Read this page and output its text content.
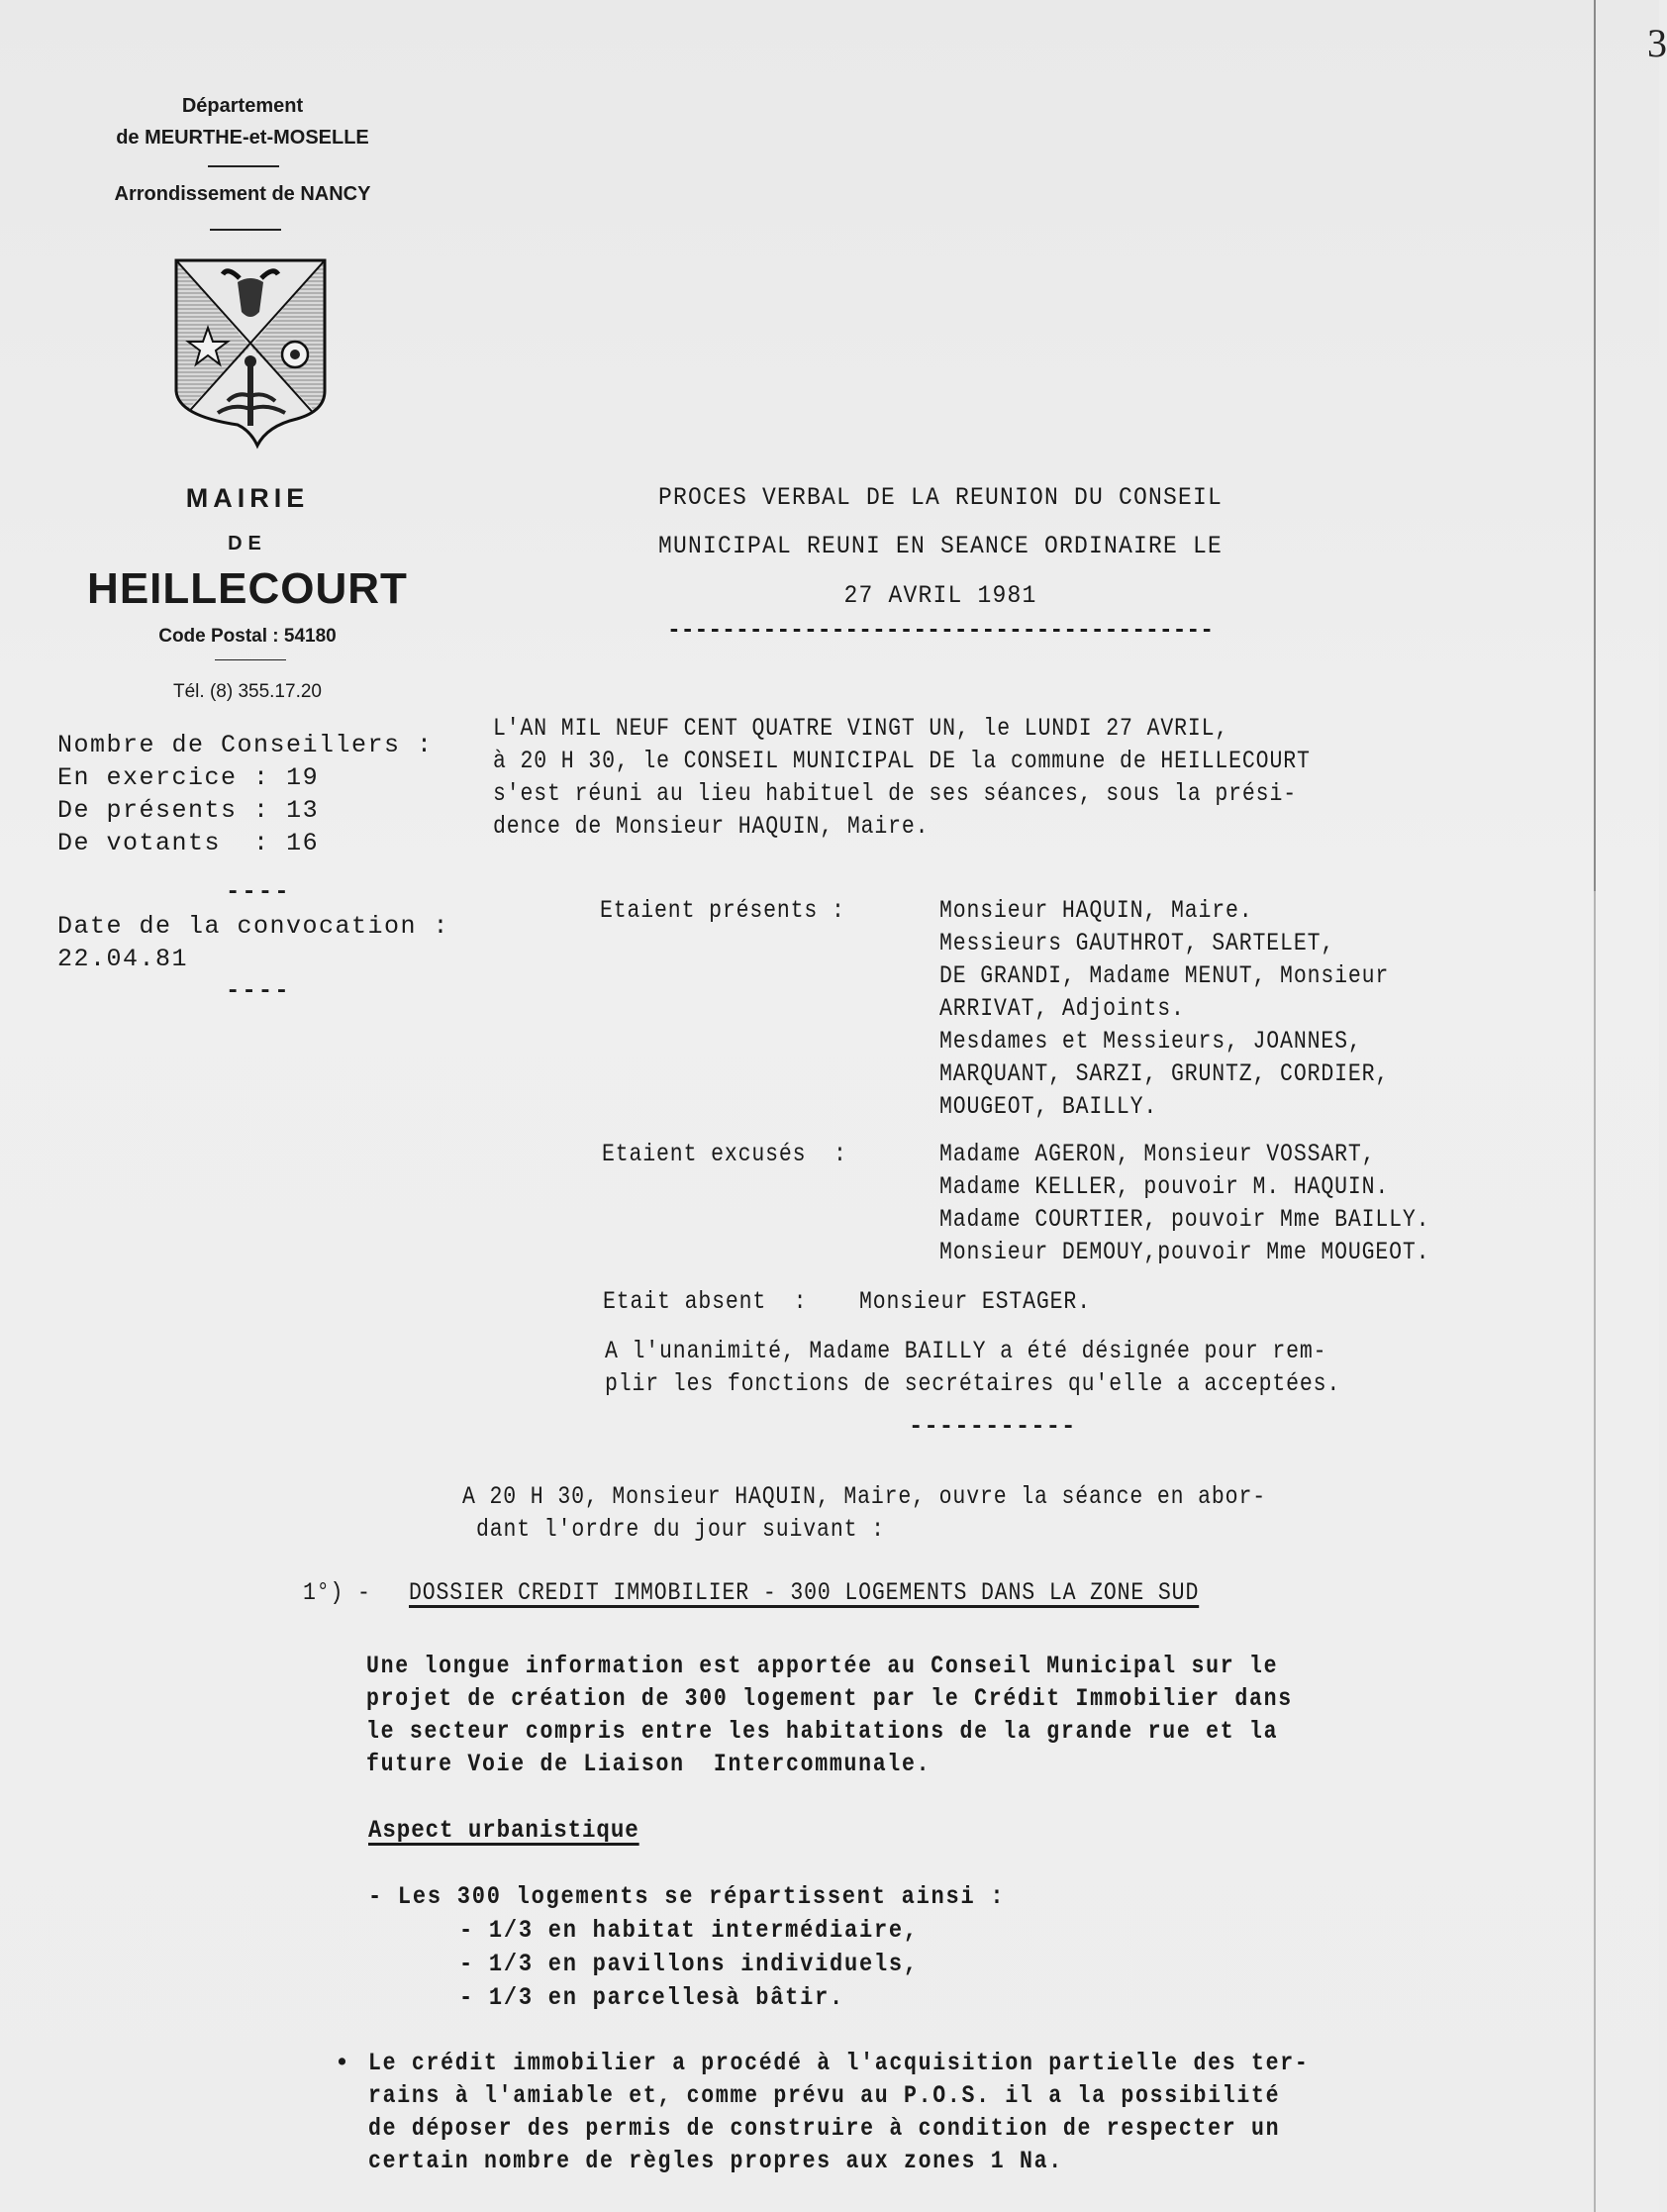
3
Département
de MEURTHE-et-MOSELLE
Arrondissement de NANCY
MAIRIE
DE
HEILLECOURT
Code Postal : 54180
Tél. (8) 355.17.20
Nombre de Conseillers :
En exercice : 19
De présents : 13
De votants  : 16
----
Date de la convocation :
22.04.81
----
PROCES VERBAL DE LA REUNION DU CONSEIL
MUNICIPAL REUNI EN SEANCE ORDINAIRE LE
27 AVRIL 1981
----------------------------------------
L'AN MIL NEUF CENT QUATRE VINGT UN, le LUNDI 27 AVRIL,
à 20 H 30, le CONSEIL MUNICIPAL DE la commune de HEILLECOURT
s'est réuni au lieu habituel de ses séances, sous la prési-
dence de Monsieur HAQUIN, Maire.
Etaient présents :	Monsieur HAQUIN, Maire.
Messieurs GAUTHROT, SARTELET,
DE GRANDI, Madame MENUT, Monsieur
ARRIVAT, Adjoints.
Mesdames et Messieurs, JOANNES,
MARQUANT, SARZI, GRUNTZ, CORDIER,
MOUGEOT, BAILLY.
Etaient excusés  :	Madame AGERON, Monsieur VOSSART,
Madame KELLER, pouvoir M. HAQUIN.
Madame COURTIER, pouvoir Mme BAILLY.
Monsieur DEMOUY,pouvoir Mme MOUGEOT.
Etait absent  : Monsieur ESTAGER.
A l'unanimité, Madame BAILLY a été désignée pour rem-
plir les fonctions de secrétaires qu'elle a acceptées.
-----------
A 20 H 30, Monsieur HAQUIN, Maire, ouvre la séance en abor-
dant l'ordre du jour suivant :
1°) - DOSSIER CREDIT IMMOBILIER - 300 LOGEMENTS DANS LA ZONE SUD
Une longue information est apportée au Conseil Municipal sur le
projet de création de 300 logement par le Crédit Immobilier dans
le secteur compris entre les habitations de la grande rue et la
future Voie de Liaison  Intercommunale.
Aspect urbanistique
- Les 300 logements se répartissent ainsi :
- 1/3 en habitat intermédiaire,
- 1/3 en pavillons individuels,
- 1/3 en parcellesà bâtir.
• Le crédit immobilier a procédé à l'acquisition partielle des ter-
rains à l'amiable et, comme prévu au P.O.S. il a la possibilité
de déposer des permis de construire à condition de respecter un
certain nombre de règles propres aux zones 1 Na.
